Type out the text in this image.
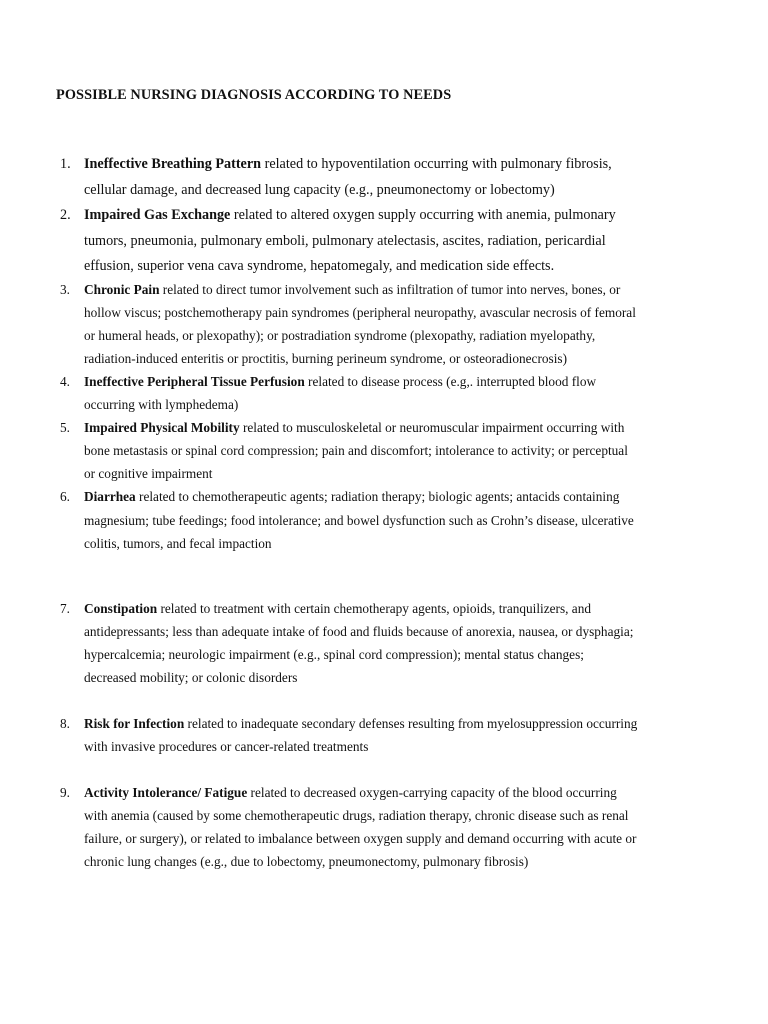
POSSIBLE NURSING DIAGNOSIS ACCORDING TO NEEDS
1. Ineffective Breathing Pattern related to hypoventilation occurring with pulmonary fibrosis,
cellular damage, and decreased lung capacity (e.g., pneumonectomy or lobectomy)
2. Impaired Gas Exchange related to altered oxygen supply occurring with anemia, pulmonary
tumors, pneumonia, pulmonary emboli, pulmonary atelectasis, ascites, radiation, pericardial
effusion, superior vena cava syndrome, hepatomegaly, and medication side effects.
3. Chronic Pain related to direct tumor involvement such as infiltration of tumor into nerves, bones, or
hollow viscus; postchemotherapy pain syndromes (peripheral neuropathy, avascular necrosis of femoral
or humeral heads, or plexopathy); or postradiation syndrome (plexopathy, radiation myelopathy,
radiation-induced enteritis or proctitis, burning perineum syndrome, or osteoradionecrosis)
4. Ineffective Peripheral Tissue Perfusion related to disease process (e.g,. interrupted blood flow
occurring with lymphedema)
5. Impaired Physical Mobility related to musculoskeletal or neuromuscular impairment occurring with
bone metastasis or spinal cord compression; pain and discomfort; intolerance to activity; or perceptual
or cognitive impairment
6. Diarrhea related to chemotherapeutic agents; radiation therapy; biologic agents; antacids containing
magnesium; tube feedings; food intolerance; and bowel dysfunction such as Crohn’s disease, ulcerative
colitis, tumors, and fecal impaction
7. Constipation related to treatment with certain chemotherapy agents, opioids, tranquilizers, and
antidepressants; less than adequate intake of food and fluids because of anorexia, nausea, or dysphagia;
hypercalcemia; neurologic impairment (e.g., spinal cord compression); mental status changes;
decreased mobility; or colonic disorders
8. Risk for Infection related to inadequate secondary defenses resulting from myelosuppression occurring
with invasive procedures or cancer-related treatments
9. Activity Intolerance/ Fatigue related to decreased oxygen-carrying capacity of the blood occurring
with anemia (caused by some chemotherapeutic drugs, radiation therapy, chronic disease such as renal
failure, or surgery), or related to imbalance between oxygen supply and demand occurring with acute or
chronic lung changes (e.g., due to lobectomy, pneumonectomy, pulmonary fibrosis)
